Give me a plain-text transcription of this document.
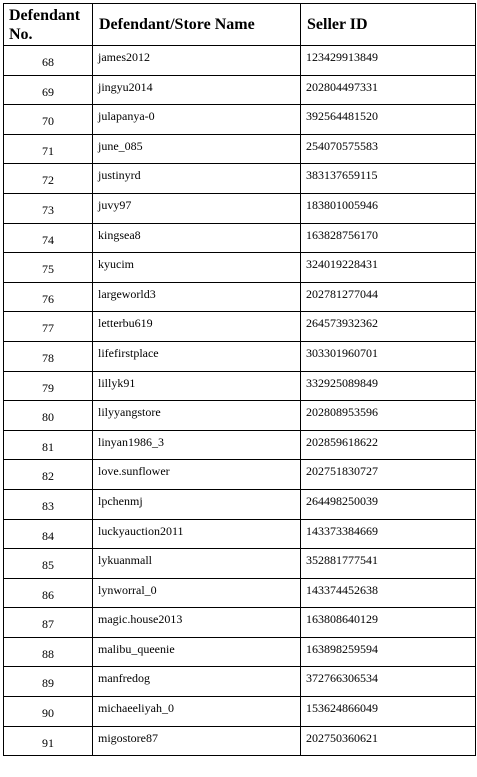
Defendant No.	Defendant/Store Name	Seller ID

68	james2012	123429913849
69	jingyu2014	202804497331
70	julapanya-0	392564481520
71	june_085	254070575583
72	justinyrd	383137659115
73	juvy97	183801005946
74	kingsea8	163828756170
75	kyucim	324019228431
76	largeworld3	202781277044
77	letterbu619	264573932362
78	lifefirstplace	303301960701
79	lillyk91	332925089849
80	lilyyangstore	202808953596
81	linyan1986_3	202859618622
82	love.sunflower	202751830727
83	lpchenmj	264498250039
84	luckyauction2011	143373384669
85	lykuanmall	352881777541
86	lynworral_0	143374452638
87	magic.house2013	163808640129
88	malibu_queenie	163898259594
89	manfredog	372766306534
90	michaeeliyah_0	153624866049
91	migostore87	202750360621
